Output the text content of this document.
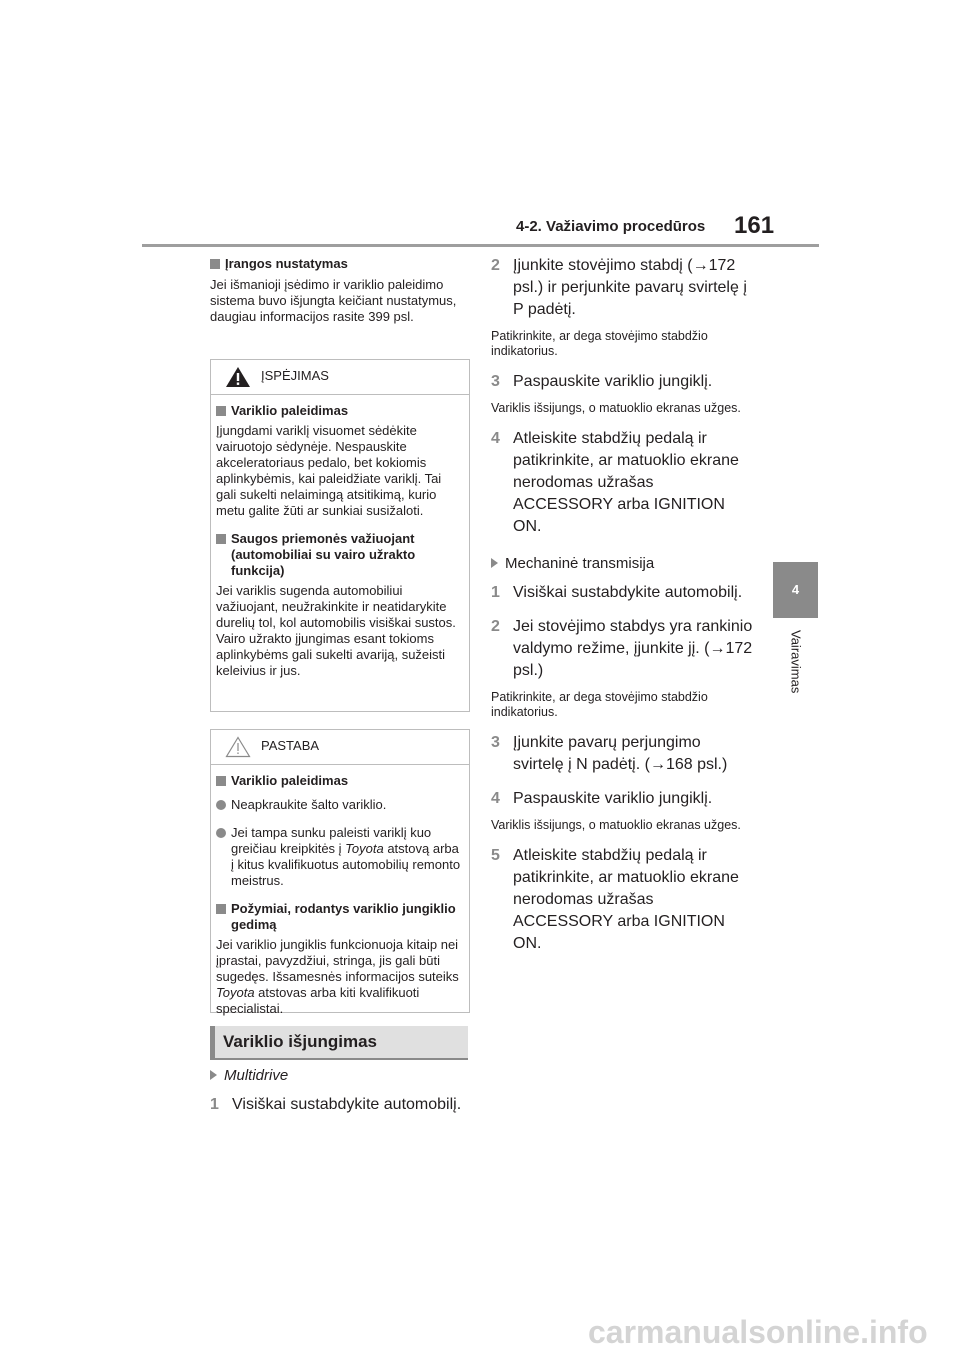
4-2. Važiavimo procedūros 161
4
Vairavimas
Įrangos nustatymas
Jei išmanioji įsėdimo ir variklio paleidimo sistema buvo išjungta keičiant nustatymus, daugiau informacijos rasite 399 psl.
ĮSPĖJIMAS
Variklio paleidimas
Įjungdami variklį visuomet sėdėkite vairuotojo sėdynėje. Nespauskite akceleratoriaus pedalo, bet kokiomis aplinkybėmis, kai paleidžiate variklį. Tai gali sukelti nelaimingą atsitikimą, kurio metu galite žūti ar sunkiai susižaloti.
Saugos priemonės važiuojant (automobiliai su vairo užrakto funkcija)
Jei variklis sugenda automobiliui važiuojant, neužrakinkite ir neatidarykite durelių tol, kol automobilis visiškai sustos. Vairo užrakto įjungimas esant tokioms aplinkybėms gali sukelti avariją, sužeisti keleivius ir jus.
PASTABA
Variklio paleidimas
Neapkraukite šalto variklio.
Jei tampa sunku paleisti variklį kuo greičiau kreipkitės į Toyota atstovą arba į kitus kvalifikuotus automobilių remonto meistrus.
Požymiai, rodantys variklio jungiklio gedimą
Jei variklio jungiklis funkcionuoja kitaip nei įprastai, pavyzdžiui, stringa, jis gali būti sugedęs. Išsamesnės informacijos suteiks Toyota atstovas arba kiti kvalifikuoti specialistai.
Variklio išjungimas
Multidrive
1 Visiškai sustabdykite automobilį.
2 Įjunkite stovėjimo stabdį (→172 psl.) ir perjunkite pavarų svirtelę į P padėtį.
Patikrinkite, ar dega stovėjimo stabdžio indikatorius.
3 Paspauskite variklio jungiklį.
Variklis išsijungs, o matuoklio ekranas užges.
4 Atleiskite stabdžių pedalą ir patikrinkite, ar matuoklio ekrane nerodomas užrašas ACCESSORY arba IGNITION ON.
Mechaninė transmisija
1 Visiškai sustabdykite automobilį.
2 Jei stovėjimo stabdys yra rankinio valdymo režime, įjunkite jį. (→172 psl.)
Patikrinkite, ar dega stovėjimo stabdžio indikatorius.
3 Įjunkite pavarų perjungimo svirtelę į N padėtį. (→168 psl.)
4 Paspauskite variklio jungiklį.
Variklis išsijungs, o matuoklio ekranas užges.
5 Atleiskite stabdžių pedalą ir patikrinkite, ar matuoklio ekrane nerodomas užrašas ACCESSORY arba IGNITION ON.
carmanualsonline.info
